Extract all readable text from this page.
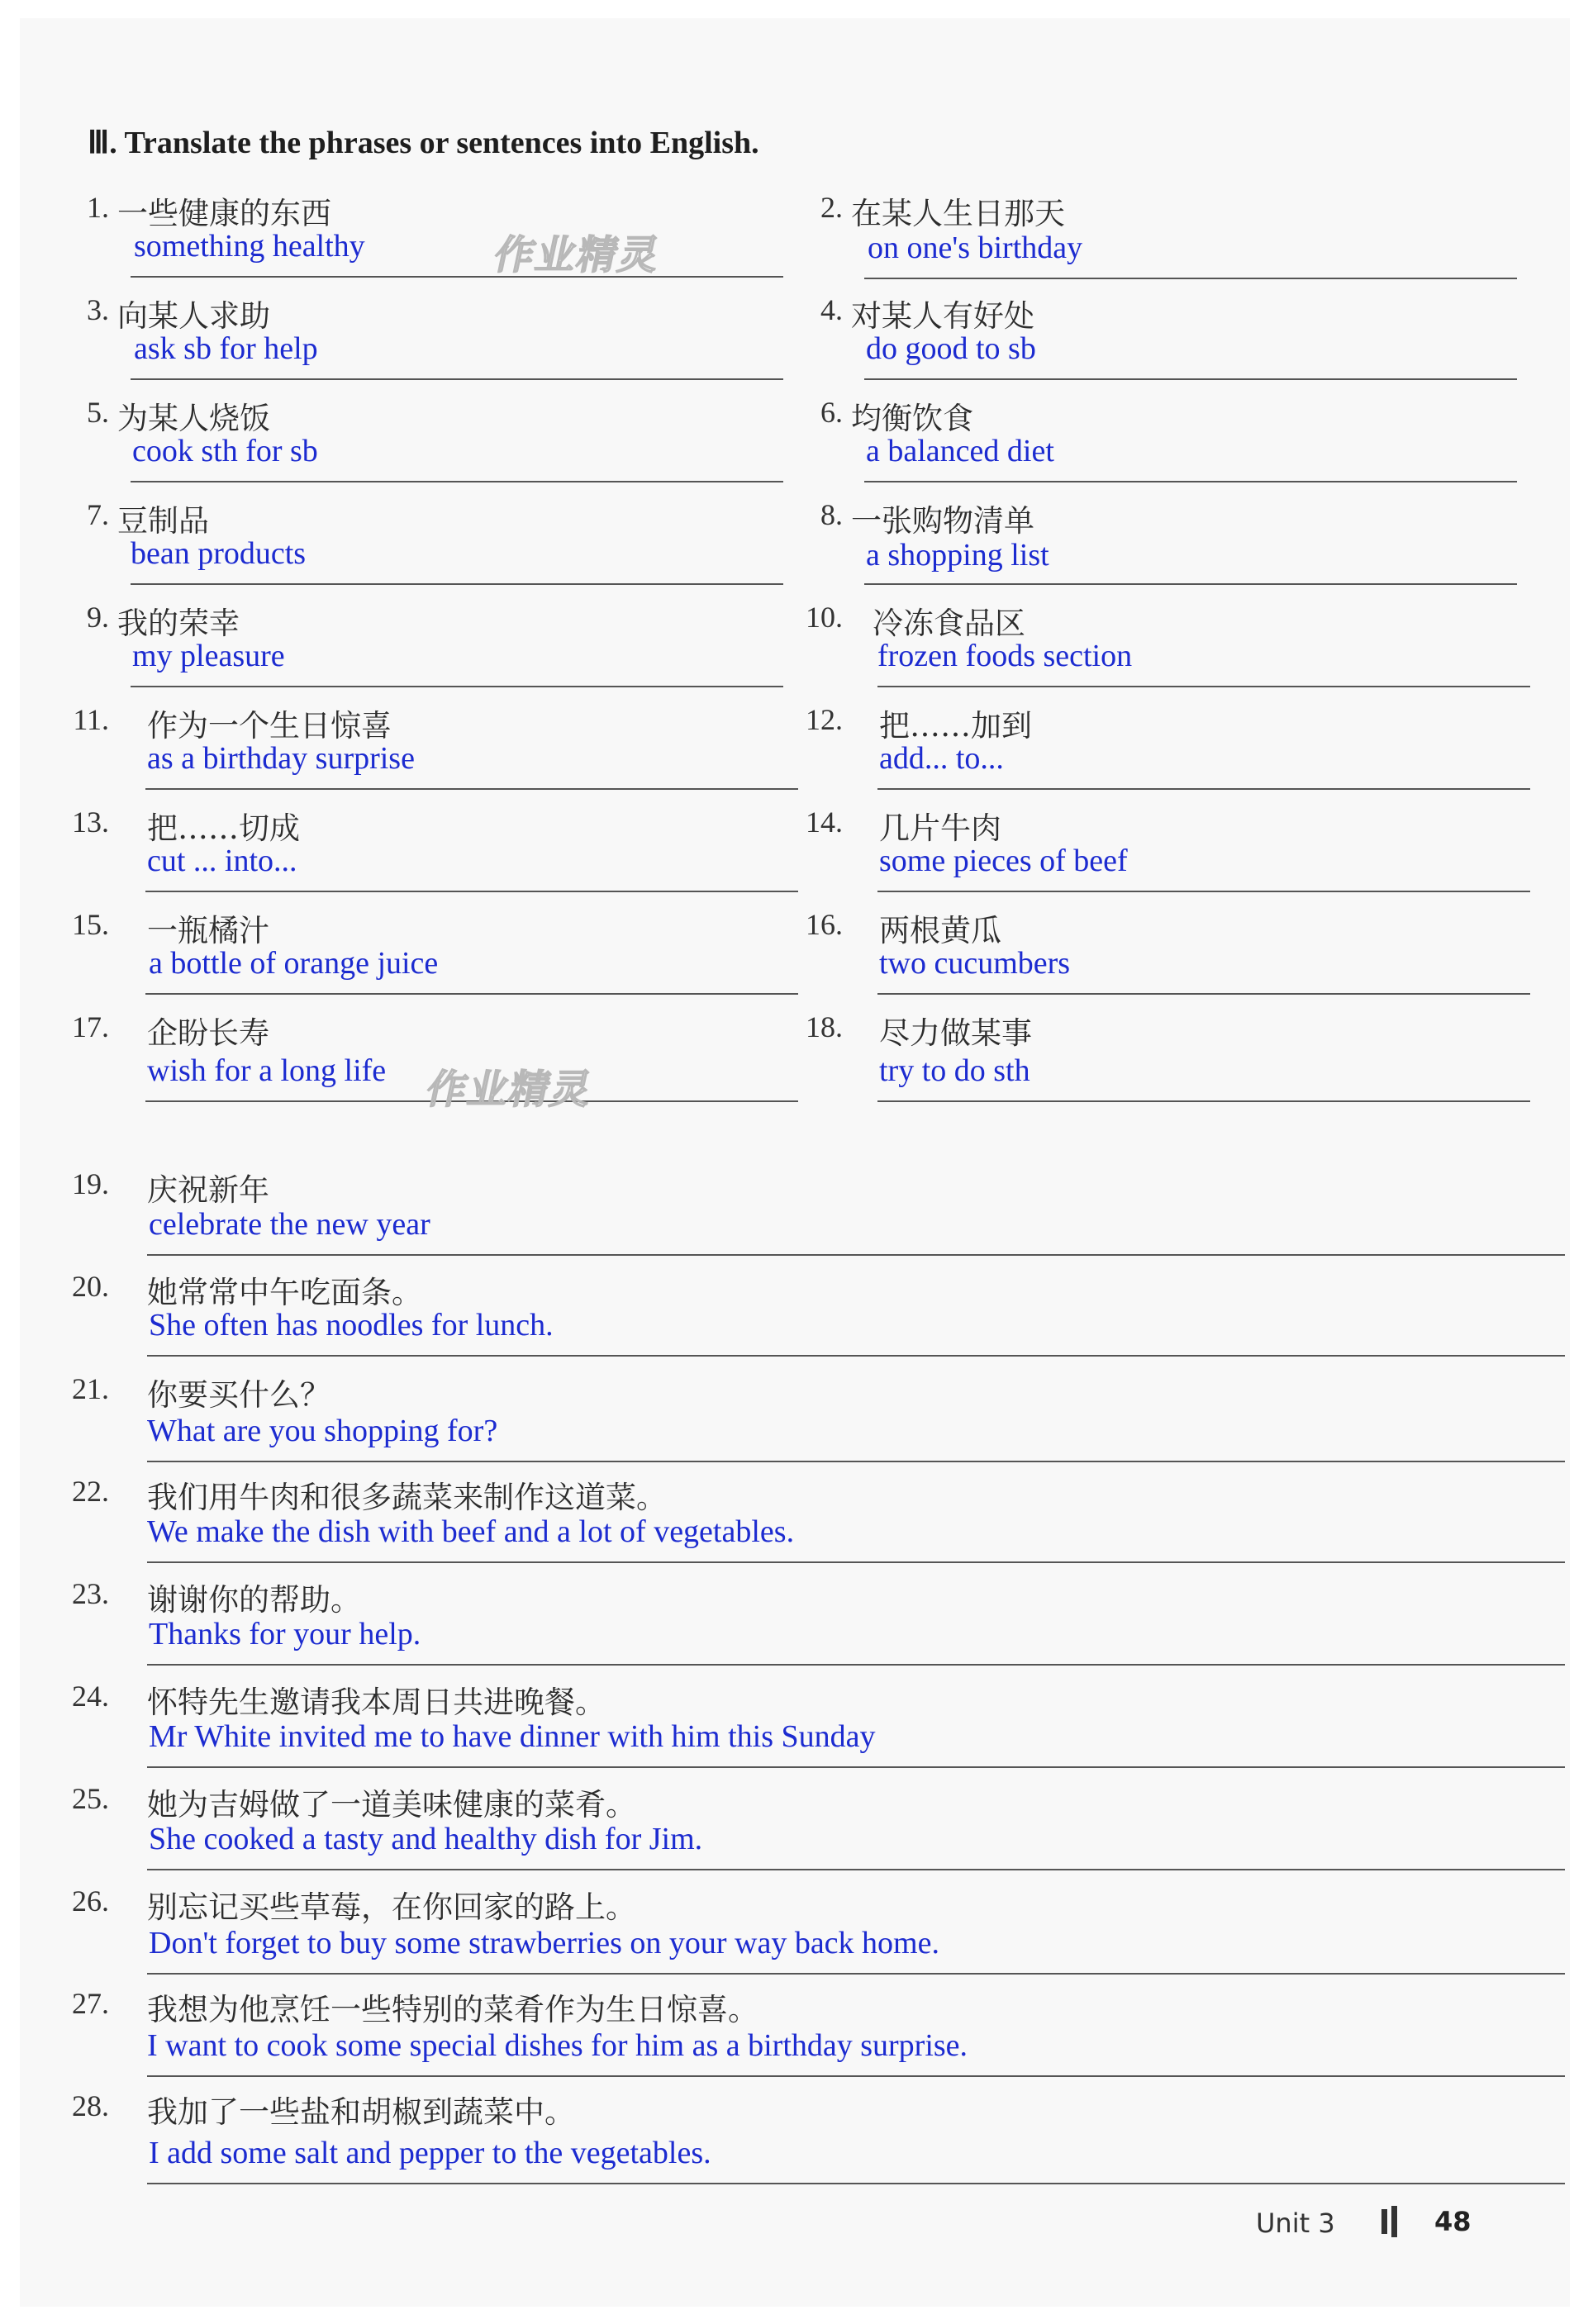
Ⅲ. Translate the phrases or sentences into English.
1. 一些健康的东西
something healthy
3. 向某人求助
ask sb for help
5. 为某人烧饭
cook sth for sb
7. 豆制品
bean products
9. 我的荣幸
my pleasure
11. 作为一个生日惊喜
as a birthday surprise
13. 把……切成
cut ... into...
15. 一瓶橘汁
a bottle of orange juice
17. 企盼长寿
wish for a long life
2. 在某人生日那天
on one's birthday
4. 对某人有好处
do good to sb
6. 均衡饮食
a balanced diet
8. 一张购物清单
a shopping list
10. 冷冻食品区
frozen foods section
12. 把……加到
add... to...
14. 几片牛肉
some pieces of beef
16. 两根黄瓜
two cucumbers
18. 尽力做某事
try to do sth
19. 庆祝新年
celebrate the new year
20. 她常常中午吃面条。
She often has noodles for lunch.
21. 你要买什么？
What are you shopping for?
22. 我们用牛肉和很多蔬菜来制作这道菜。
We make the dish with beef and a lot of vegetables.
23. 谢谢你的帮助。
Thanks for your help.
24. 怀特先生邀请我本周日共进晚餐。
Mr White invited me to have dinner with him this Sunday
25. 她为吉姆做了一道美味健康的菜肴。
She cooked a tasty and healthy dish for Jim.
26. 别忘记买些草莓，在你回家的路上。
Don't forget to buy some strawberries on your way back home.
27. 我想为他烹饪一些特别的菜肴作为生日惊喜。
I want to cook some special dishes for him as a birthday surprise.
28. 我加了一些盐和胡椒到蔬菜中。
I add some salt and pepper to the vegetables.
作业精灵
作业精灵
Unit 3	48
